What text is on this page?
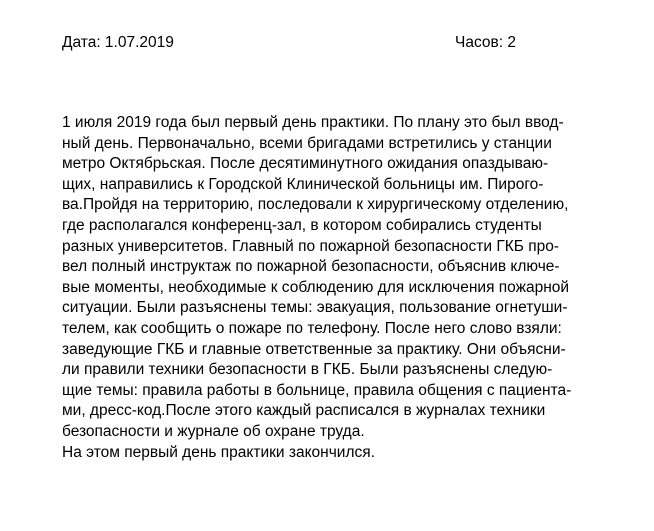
Дата: 1.07.2019	Часов: 2
1 июля 2019 года был первый день практики. По плану это был ввод-
ный день. Первоначально, всеми бригадами встретились у станции
метро Октябрьская. После десятиминутного ожидания опаздываю-
щих, направились к Городской Клинической больницы им. Пирого-
ва.Пройдя на территорию, последовали к хирургическому отделению,
где располагался конференц-зал, в котором собирались студенты
разных университетов. Главный по пожарной безопасности ГКБ про-
вел полный инструктаж по пожарной безопасности, объяснив ключе-
вые моменты, необходимые к соблюдению для исключения пожарной
ситуации. Были разъяснены темы: эвакуация, пользование огнетуши-
телем, как сообщить о пожаре по телефону. После него слово взяли:
заведующие ГКБ и главные ответственные за практику. Они объясни-
ли правили техники безопасности в ГКБ. Были разъяснены следую-
щие темы: правила работы в больнице, правила общения с пациента-
ми, дресс-код.После этого каждый расписался в журналах техники
безопасности и журнале об охране труда.
На этом первый день практики закончился.
